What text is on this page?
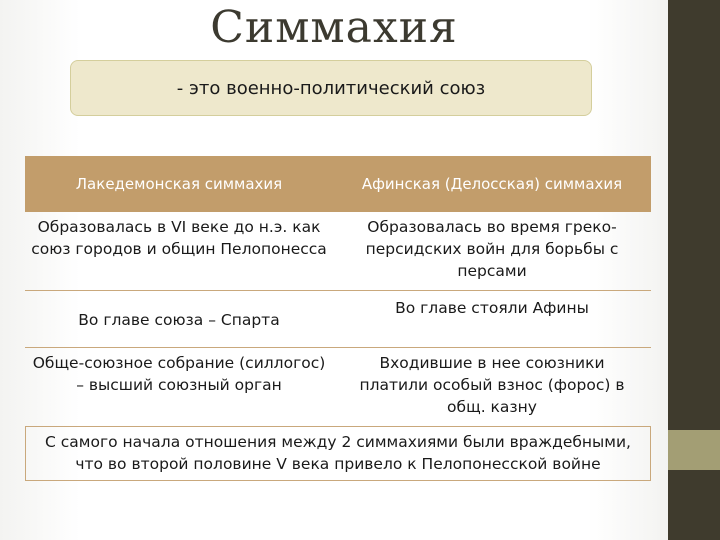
Симмахия
- это военно-политический союз
Лакедемонская симмахия	Афинская (Делосская) симмахия
Образовалась в VI веке до н.э. как союз городов и общин Пелопонесса
Образовалась во время греко-персидских войн для борьбы с персами
Во главе союза – Спарта
Во главе стояли Афины
Обще-союзное собрание (силлогос) – высший союзный орган
Входившие в нее союзники платили особый взнос (форос) в общ. казну
С самого начала отношения между 2 симмахиями были враждебными, что во второй половине V века привело к Пелопонесской войне
